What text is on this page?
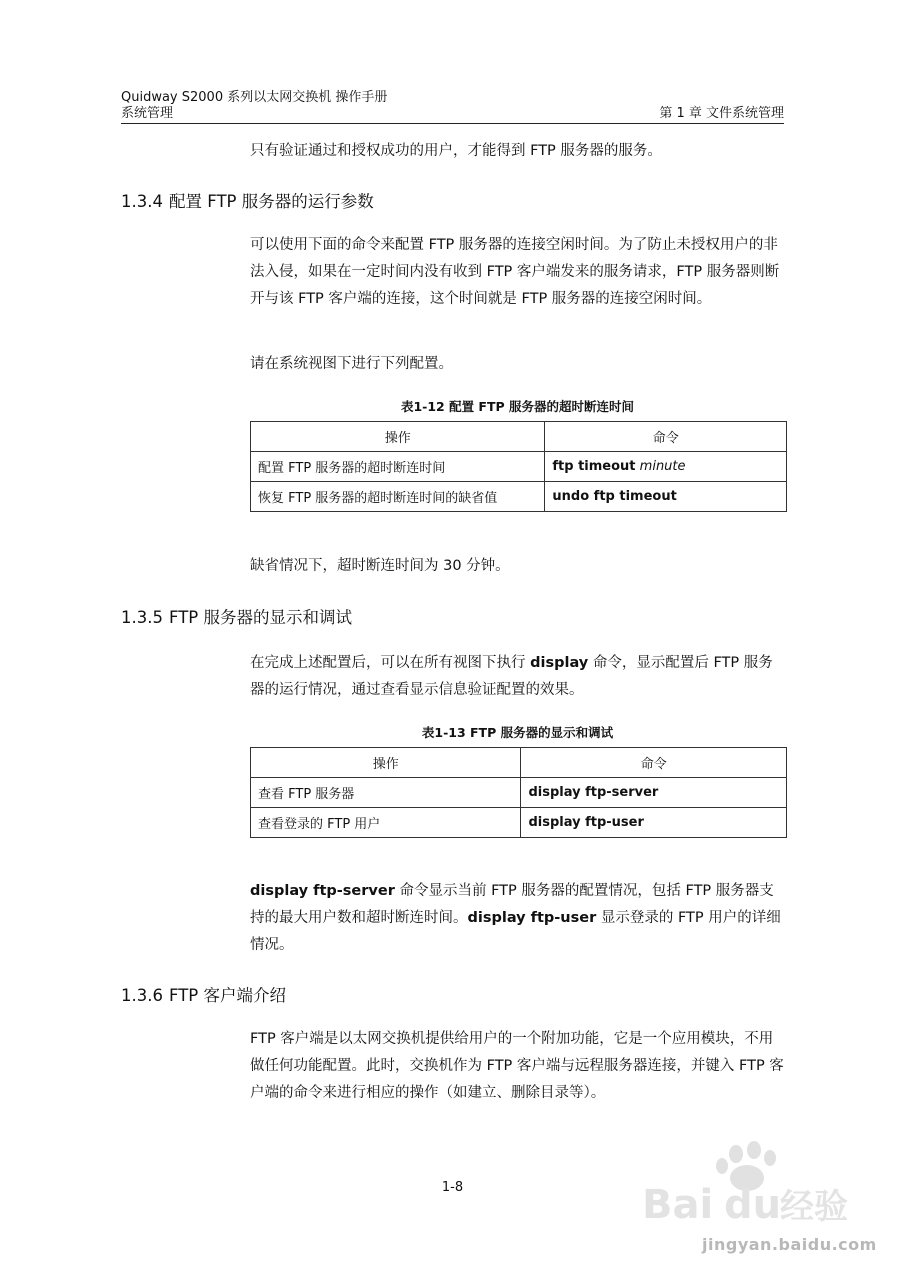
Quidway S2000 系列以太网交换机 操作手册
系统管理	第 1 章 文件系统管理
只有验证通过和授权成功的用户，才能得到 FTP 服务器的服务。
1.3.4 配置 FTP 服务器的运行参数
可以使用下面的命令来配置 FTP 服务器的连接空闲时间。为了防止未授权用户的非法入侵，如果在一定时间内没有收到 FTP 客户端发来的服务请求，FTP 服务器则断开与该 FTP 客户端的连接，这个时间就是 FTP 服务器的连接空闲时间。
请在系统视图下进行下列配置。
表1-12 配置 FTP 服务器的超时断连时间
操作	命令
配置 FTP 服务器的超时断连时间	ftp timeout minute
恢复 FTP 服务器的超时断连时间的缺省值	undo ftp timeout
缺省情况下，超时断连时间为 30 分钟。
1.3.5 FTP 服务器的显示和调试
在完成上述配置后，可以在所有视图下执行 display 命令，显示配置后 FTP 服务器的运行情况，通过查看显示信息验证配置的效果。
表1-13 FTP 服务器的显示和调试
操作	命令
查看 FTP 服务器	display ftp-server
查看登录的 FTP 用户	display ftp-user
display ftp-server 命令显示当前 FTP 服务器的配置情况，包括 FTP 服务器支持的最大用户数和超时断连时间。display ftp-user 显示登录的 FTP 用户的详细情况。
1.3.6 FTP 客户端介绍
FTP 客户端是以太网交换机提供给用户的一个附加功能，它是一个应用模块，不用做任何功能配置。此时，交换机作为 FTP 客户端与远程服务器连接，并键入 FTP 客户端的命令来进行相应的操作（如建立、删除目录等）。
1-8	Bai du
经验
jingyan.baidu.com
